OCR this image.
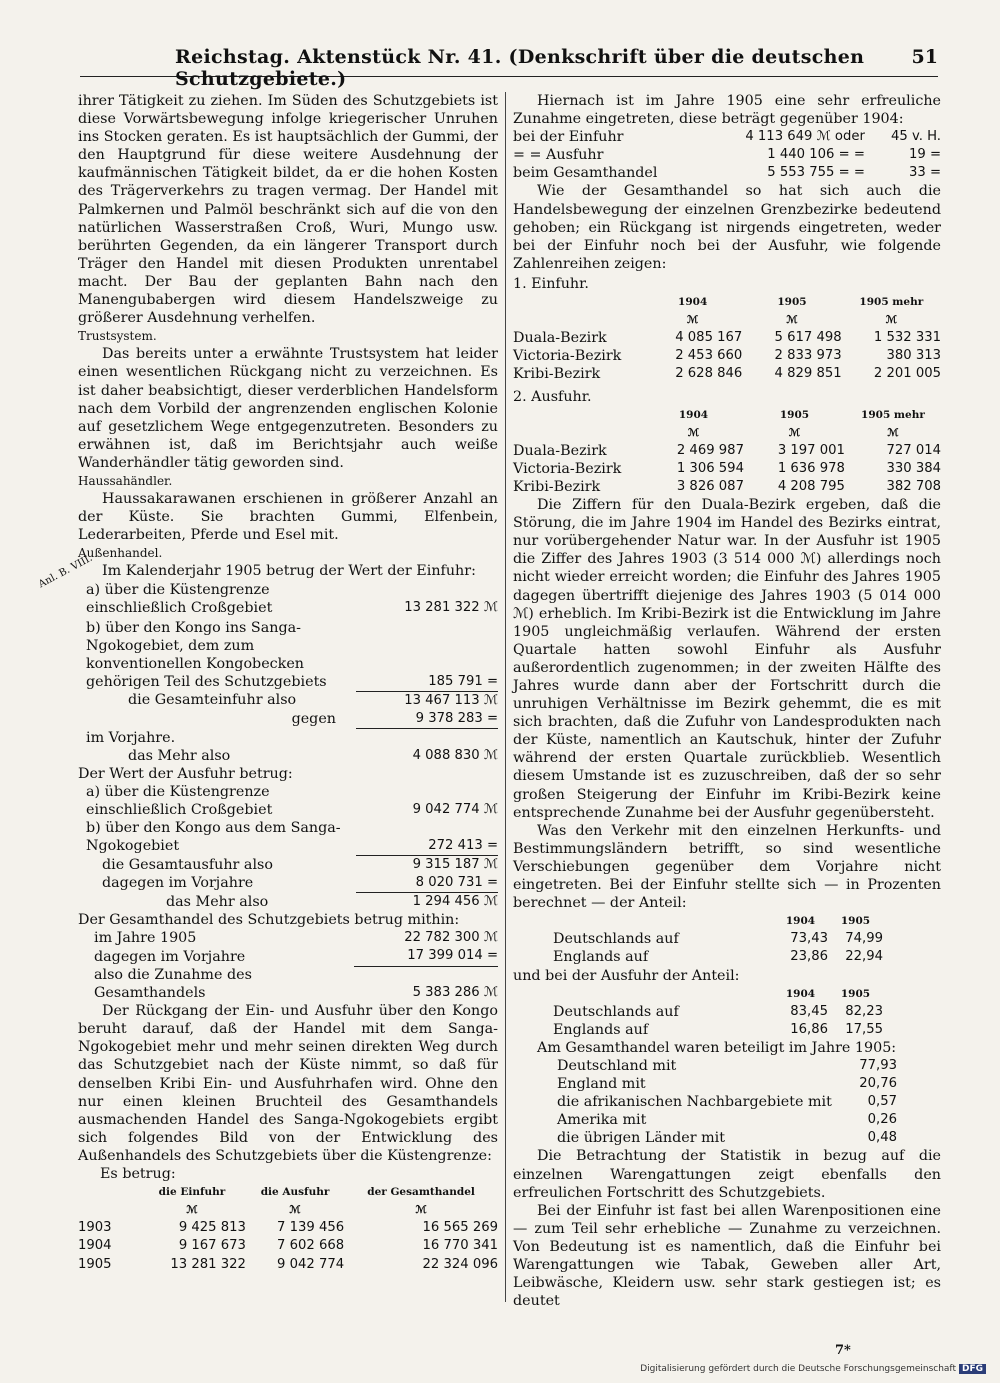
Reichstag. Aktenstück Nr. 41. (Denkschrift über die deutschen Schutzgebiete.)
51
Anl. B. VIII.

ihrer Tätigkeit zu ziehen. Im Süden des Schutzgebiets ist diese Vorwärtsbewegung infolge kriegerischer Unruhen ins Stocken geraten. Es ist hauptsächlich der Gummi, der den Hauptgrund für diese weitere Ausdehnung der kaufmännischen Tätigkeit bildet, da er die hohen Kosten des Trägerverkehrs zu tragen vermag. Der Handel mit Palmkernen und Palmöl beschränkt sich auf die von den natürlichen Wasserstraßen Croß, Wuri, Mungo usw. berührten Gegenden, da ein längerer Transport durch Träger den Handel mit diesen Produkten unrentabel macht. Der Bau der geplanten Bahn nach den Manengubabergen wird diesem Handelszweige zu größerer Ausdehnung verhelfen.

Trustsystem.

Das bereits unter a erwähnte Trustsystem hat leider einen wesentlichen Rückgang nicht zu verzeichnen. Es ist daher beabsichtigt, dieser verderblichen Handelsform nach dem Vorbild der angrenzenden englischen Kolonie auf gesetzlichem Wege entgegenzutreten. Besonders zu erwähnen ist, daß im Berichtsjahr auch weiße Wanderhändler tätig geworden sind.

Haussahändler.

Haussakarawanen erschienen in größerer Anzahl an der Küste. Sie brachten Gummi, Elfenbein, Lederarbeiten, Pferde und Esel mit.

Außenhandel.

Im Kalenderjahr 1905 betrug der Wert der Einfuhr:

a) über die Küstengrenze einschließlich Croßgebiet	13 281 322 ℳ
b) über den Kongo ins Sanga-Ngokogebiet, dem zum konventionellen Kongobecken gehörigen Teil des Schutzgebiets	185 791 =
die Gesamteinfuhr also	13 467 113 ℳ
gegen	9 378 283 =
im Vorjahre.	
das Mehr also	4 088 830 ℳ

Der Wert der Ausfuhr betrug:

a) über die Küstengrenze einschließlich Croßgebiet	9 042 774 ℳ
b) über den Kongo aus dem Sanga-Ngokogebiet	272 413 =
die Gesamtausfuhr also	9 315 187 ℳ
dagegen im Vorjahre	8 020 731 =
das Mehr also	1 294 456 ℳ

Der Gesamthandel des Schutzgebiets betrug mithin:

im Jahre 1905	22 782 300 ℳ
dagegen im Vorjahre	17 399 014 =
also die Zunahme des Gesamthandels	5 383 286 ℳ

Der Rückgang der Ein- und Ausfuhr über den Kongo beruht darauf, daß der Handel mit dem Sanga-Ngokogebiet mehr und mehr seinen direkten Weg durch das Schutzgebiet nach der Küste nimmt, so daß für denselben Kribi Ein- und Ausfuhrhafen wird. Ohne den nur einen kleinen Bruchteil des Gesamthandels ausmachenden Handel des Sanga-Ngokogebiets ergibt sich folgendes Bild von der Entwicklung des Außenhandels des Schutzgebiets über die Küstengrenze:

Es betrug:

	die Einfuhr	die Ausfuhr	der Gesamthandel
	ℳ	ℳ	ℳ
1903	9 425 813	7 139 456	16 565 269
1904	9 167 673	7 602 668	16 770 341
1905	13 281 322	9 042 774	22 324 096

Hiernach ist im Jahre 1905 eine sehr erfreuliche Zunahme eingetreten, diese beträgt gegenüber 1904:

bei der Einfuhr	4 113 649 ℳ oder	45 v. H.
= = Ausfuhr	1 440 106 = =	19 =
beim Gesamthandel	5 553 755 = =	33 =

Wie der Gesamthandel so hat sich auch die Handelsbewegung der einzelnen Grenzbezirke bedeutend gehoben; ein Rückgang ist nirgends eingetreten, weder bei der Einfuhr noch bei der Ausfuhr, wie folgende Zahlenreihen zeigen:

1. Einfuhr.

	1904	1905	1905 mehr
	ℳ	ℳ	ℳ
Duala-Bezirk	4 085 167	5 617 498	1 532 331
Victoria-Bezirk	2 453 660	2 833 973	380 313
Kribi-Bezirk	2 628 846	4 829 851	2 201 005

2. Ausfuhr.

	1904	1905	1905 mehr
	ℳ	ℳ	ℳ
Duala-Bezirk	2 469 987	3 197 001	727 014
Victoria-Bezirk	1 306 594	1 636 978	330 384
Kribi-Bezirk	3 826 087	4 208 795	382 708

Die Ziffern für den Duala-Bezirk ergeben, daß die Störung, die im Jahre 1904 im Handel des Bezirks eintrat, nur vorübergehender Natur war. In der Ausfuhr ist 1905 die Ziffer des Jahres 1903 (3 514 000 ℳ) allerdings noch nicht wieder erreicht worden; die Einfuhr des Jahres 1905 dagegen übertrifft diejenige des Jahres 1903 (5 014 000 ℳ) erheblich. Im Kribi-Bezirk ist die Entwicklung im Jahre 1905 ungleichmäßig verlaufen. Während der ersten Quartale hatten sowohl Einfuhr als Ausfuhr außerordentlich zugenommen; in der zweiten Hälfte des Jahres wurde dann aber der Fortschritt durch die unruhigen Verhältnisse im Bezirk gehemmt, die es mit sich brachten, daß die Zufuhr von Landesprodukten nach der Küste, namentlich an Kautschuk, hinter der Zufuhr während der ersten Quartale zurückblieb. Wesentlich diesem Umstande ist es zuzuschreiben, daß der so sehr großen Steigerung der Einfuhr im Kribi-Bezirk keine entsprechende Zunahme bei der Ausfuhr gegenübersteht.

Was den Verkehr mit den einzelnen Herkunfts- und Bestimmungsländern betrifft, so sind wesentliche Verschiebungen gegenüber dem Vorjahre nicht eingetreten. Bei der Einfuhr stellte sich — in Prozenten berechnet — der Anteil:

	1904	1905
Deutschlands auf	73,43	74,99
Englands auf	23,86	22,94

und bei der Ausfuhr der Anteil:

	1904	1905
Deutschlands auf	83,45	82,23
Englands auf	16,86	17,55

Am Gesamthandel waren beteiligt im Jahre 1905:

Deutschland mit	77,93
England mit	20,76
die afrikanischen Nachbargebiete mit	0,57
Amerika mit	0,26
die übrigen Länder mit	0,48

Die Betrachtung der Statistik in bezug auf die einzelnen Warengattungen zeigt ebenfalls den erfreulichen Fortschritt des Schutzgebiets.

Bei der Einfuhr ist fast bei allen Warenpositionen eine — zum Teil sehr erhebliche — Zunahme zu verzeichnen. Von Bedeutung ist es namentlich, daß die Einfuhr bei Warengattungen wie Tabak, Geweben aller Art, Leibwäsche, Kleidern usw. sehr stark gestiegen ist; es deutet

7*
Digitalisierung gefördert durch die Deutsche Forschungsgemeinschaft DFG
